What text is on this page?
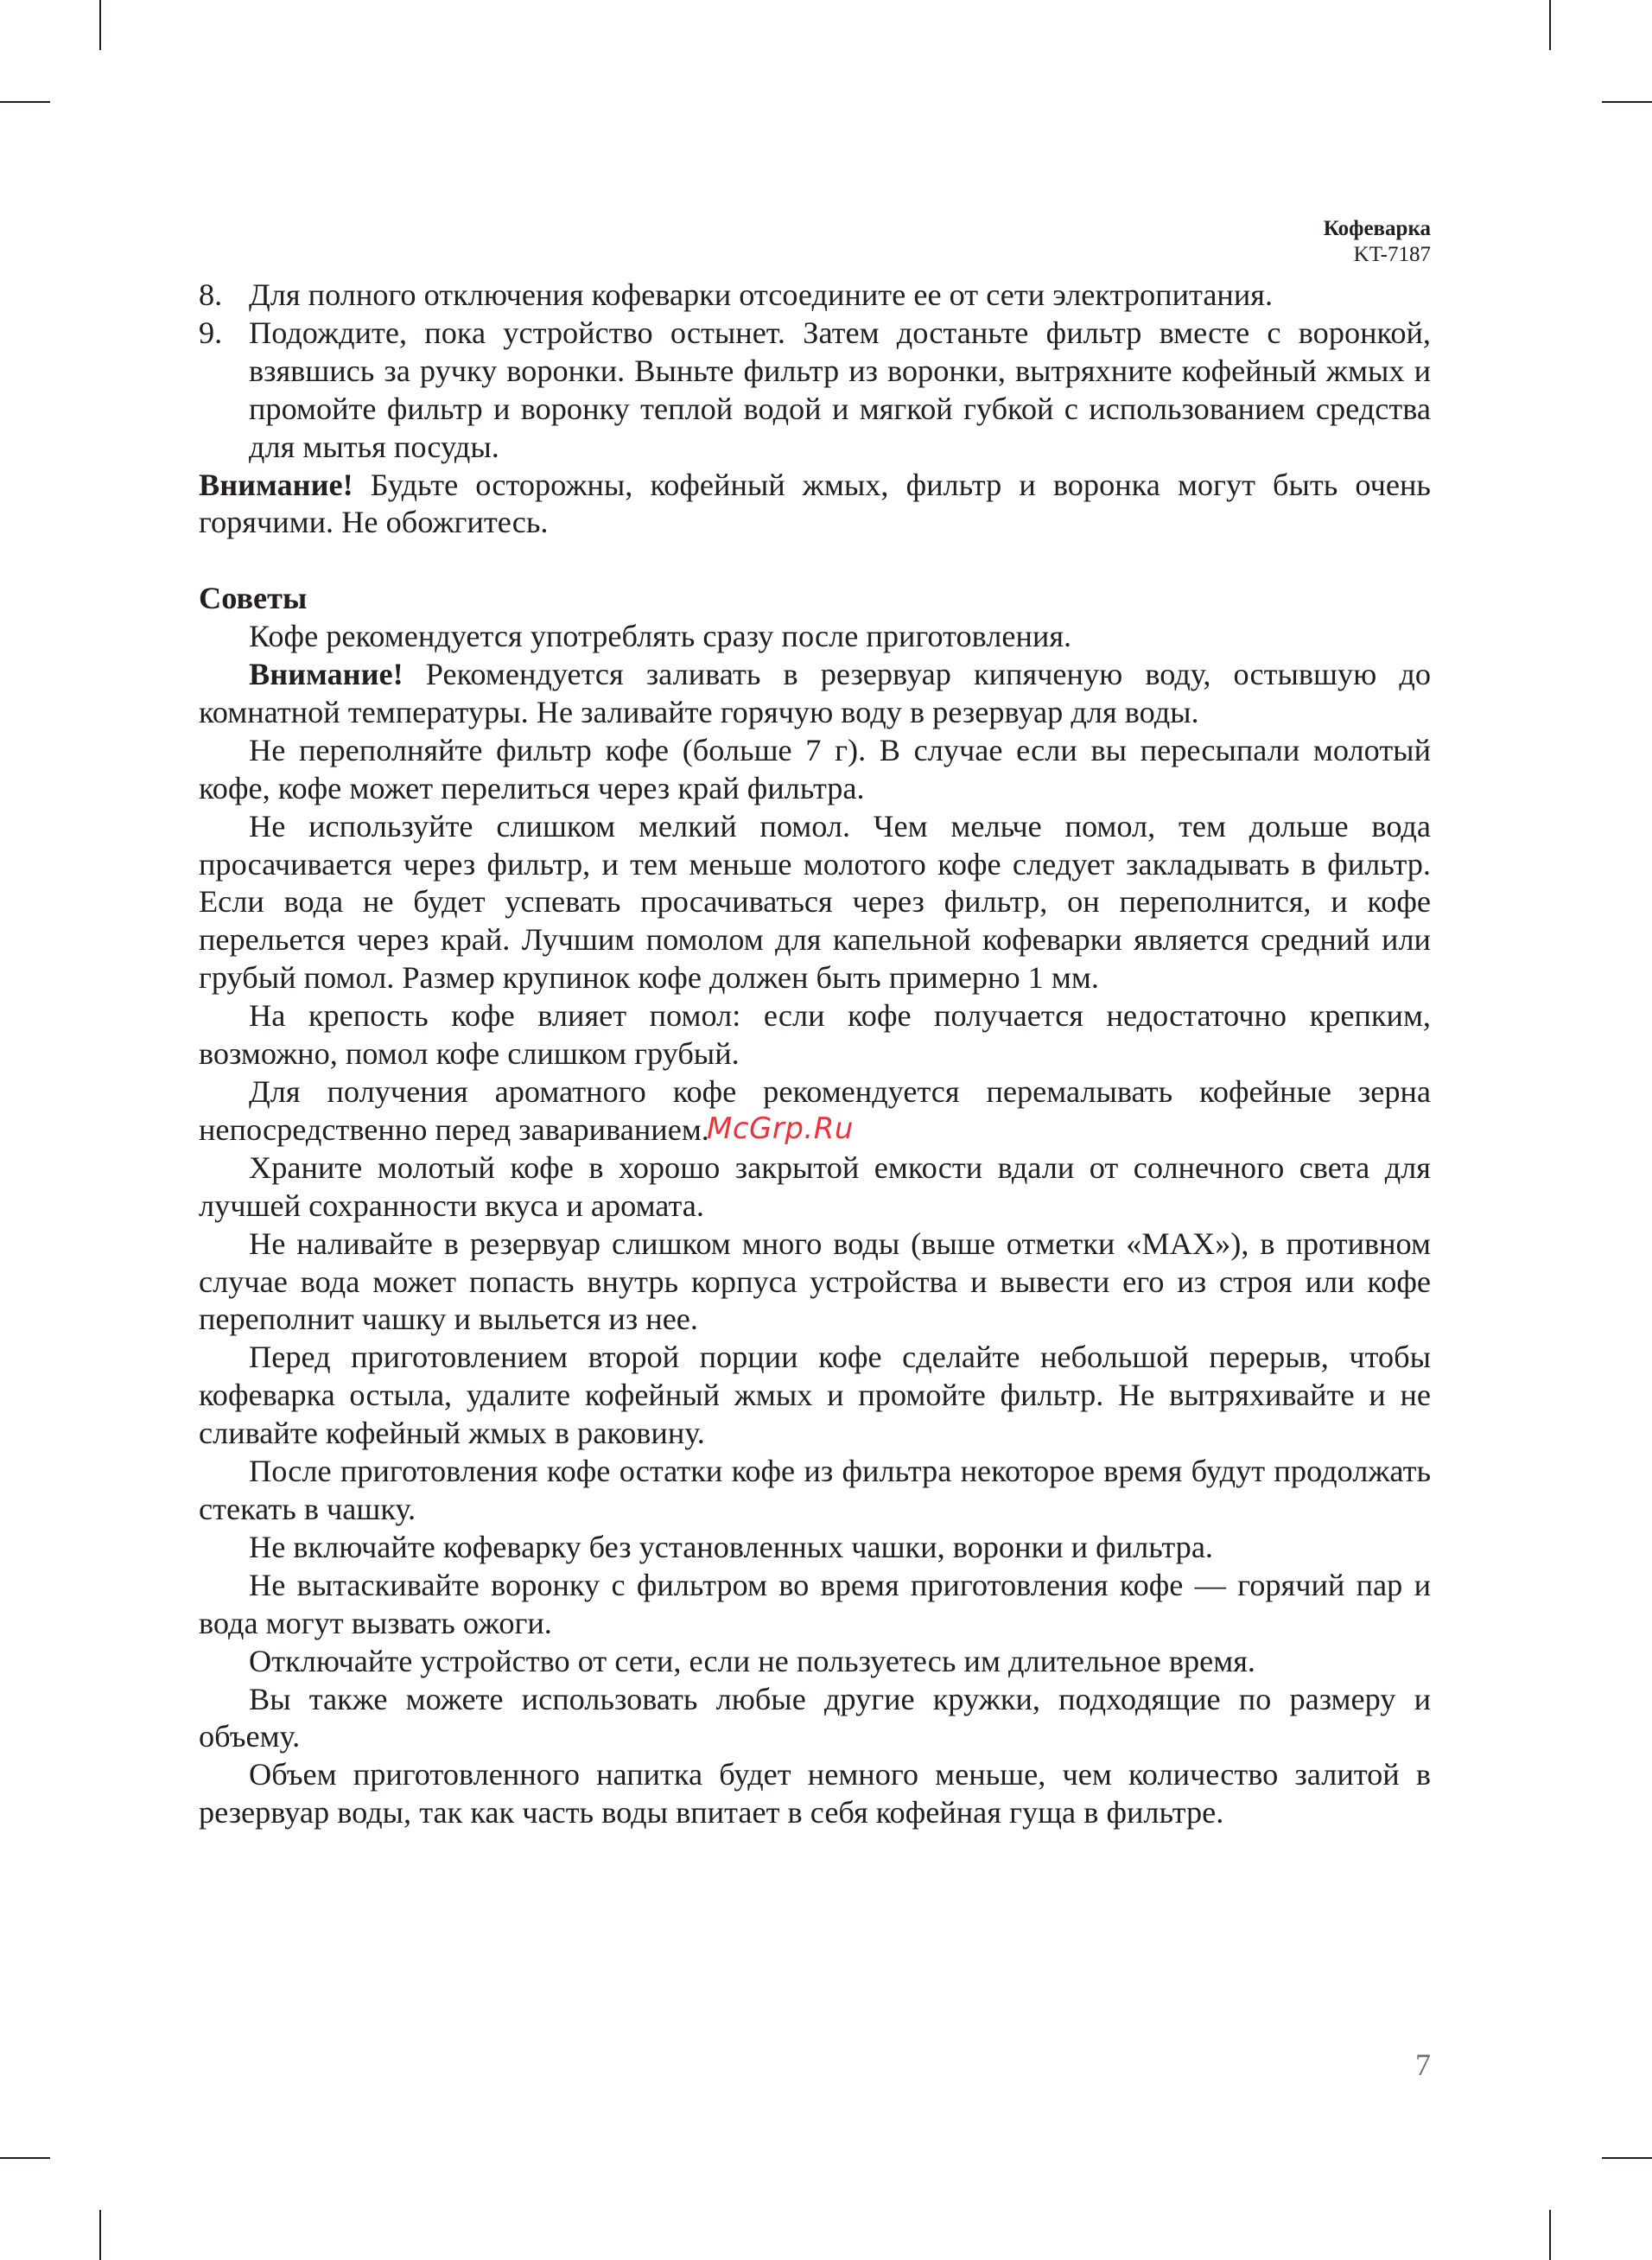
Кофеварка
KT-7187
8. Для полного отключения кофеварки отсоедините ее от сети электропитания.
9. Подождите, пока устройство остынет. Затем достаньте фильтр вместе с воронкой, взявшись за ручку воронки. Выньте фильтр из воронки, вытряхните кофейный жмых и промойте фильтр и воронку теплой водой и мягкой губкой с использованием средства для мытья посуды.

Внимание! Будьте осторожны, кофейный жмых, фильтр и воронка могут быть очень горячими. Не обожгитесь.

Советы

Кофе рекомендуется употреблять сразу после приготовления.

Внимание! Рекомендуется заливать в резервуар кипяченую воду, остывшую до комнатной температуры. Не заливайте горячую воду в резервуар для воды.

Не переполняйте фильтр кофе (больше 7 г). В случае если вы пересыпали молотый кофе, кофе может перелиться через край фильтра.

Не используйте слишком мелкий помол. Чем мельче помол, тем дольше вода просачивается через фильтр, и тем меньше молотого кофе следует закладывать в фильтр. Если вода не будет успевать просачиваться через фильтр, он переполнится, и кофе перельется через край. Лучшим помолом для капельной кофеварки является средний или грубый помол. Размер крупинок кофе должен быть примерно 1 мм.

На крепость кофе влияет помол: если кофе получается недостаточно крепким, возможно, помол кофе слишком грубый.

Для получения ароматного кофе рекомендуется перемалывать кофейные зерна непосредственно перед завариванием.

Храните молотый кофе в хорошо закрытой емкости вдали от солнечного света для лучшей сохранности вкуса и аромата.

Не наливайте в резервуар слишком много воды (выше отметки «MAX»), в противном случае вода может попасть внутрь корпуса устройства и вывести его из строя или кофе переполнит чашку и выльется из нее.

Перед приготовлением второй порции кофе сделайте небольшой перерыв, чтобы кофеварка остыла, удалите кофейный жмых и промойте фильтр. Не вытряхивайте и не сливайте кофейный жмых в раковину.

После приготовления кофе остатки кофе из фильтра некоторое время будут продолжать стекать в чашку.

Не включайте кофеварку без установленных чашки, воронки и фильтра.

Не вытаскивайте воронку с фильтром во время приготовления кофе — горячий пар и вода могут вызвать ожоги.

Отключайте устройство от сети, если не пользуетесь им длительное время.

Вы также можете использовать любые другие кружки, подходящие по размеру и объему.

Объем приготовленного напитка будет немного меньше, чем количество залитой в резервуар воды, так как часть воды впитает в себя кофейная гуща в фильтре.

McGrp.Ru
7
